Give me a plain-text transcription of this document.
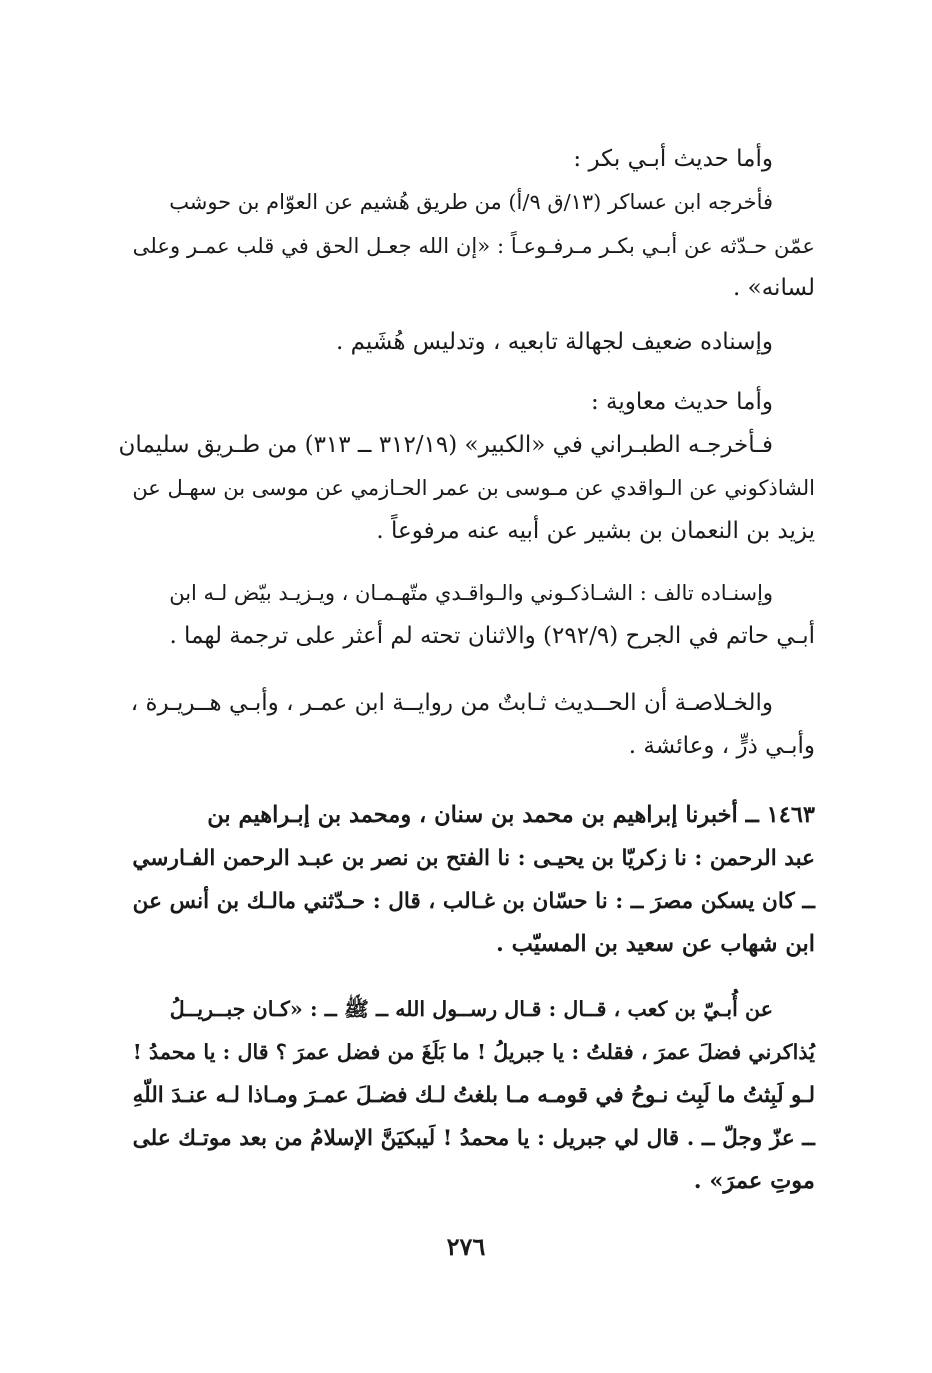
وأما حديث أبـي بكر :

فأخرجه ابن عساكر (١٣/ق ٩/أ) من طريق هُشيم عن العوّام بن حوشب
عمّن حـدّثه عن أبـي بكـر مـرفـوعـاً : «إن الله جعـل الحق في قلب عمـر وعلى
لسانه» .

وإسناده ضعيف لجهالة تابعيه ، وتدليس هُشَيم .

وأما حديث معاوية :

فـأخرجـه الطبـراني في «الكبير» (٣١٢/١٩ ــ ٣١٣) من طـريق سليمان
الشاذكوني عن الـواقدي عن مـوسى بن عمر الحـازمي عن موسى بن سهـل عن
يزيد بن النعمان بن بشير عن أبيه عنه مرفوعاً .

وإسنـاده تالف : الشـاذكـوني والـواقـدي متّهـمـان ، ويـزيـد بيّض لـه ابن
أبـي حاتم في الجرح (٢٩٢/٩) والاثنان تحته لم أعثر على ترجمة لهما .

والخـلاصـة أن الحــديث ثـابتٌ من روايــة ابن عمـر ، وأبـي هــريـرة ،
وأبـي ذرٍّ ، وعائشة .

١٤٦٣ ــ أخبرنا إبراهيم بن محمد بن سنان ، ومحمد بن إبـراهيم بن
عبد الرحمن : نا زكريّا بن يحيـى : نا الفتح بن نصر بن عبـد الرحمن الفـارسي
ــ كان يسكن مصرَ ــ : نا حسّان بن غـالب ، قال : حـدّثني مالـك بن أنس عن
ابن شهاب عن سعيد بن المسيّب .

عن أُبـيّ بن كعب ، قــال : قـال رســول الله ــ ﷺ ــ : «كـان جبــريــلُ
يُذاكرني فضلَ عمرَ ، فقلتُ : يا جبريلُ ! ما بَلَغَ من فضل عمرَ ؟ قال : يا محمدُ !
لـو لَبِثتُ ما لَبِث نـوحُ في قومـه مـا بلغتُ لـك فضـلَ عمـرَ ومـاذا لـه عنـدَ اللّهِ
ــ عزّ وجلّ ــ . قال لي جبريل : يا محمدُ ! لَيبكيَنَّ الإسلامُ من بعد موتـك على
موتِ عمرَ» .

٢٧٦
